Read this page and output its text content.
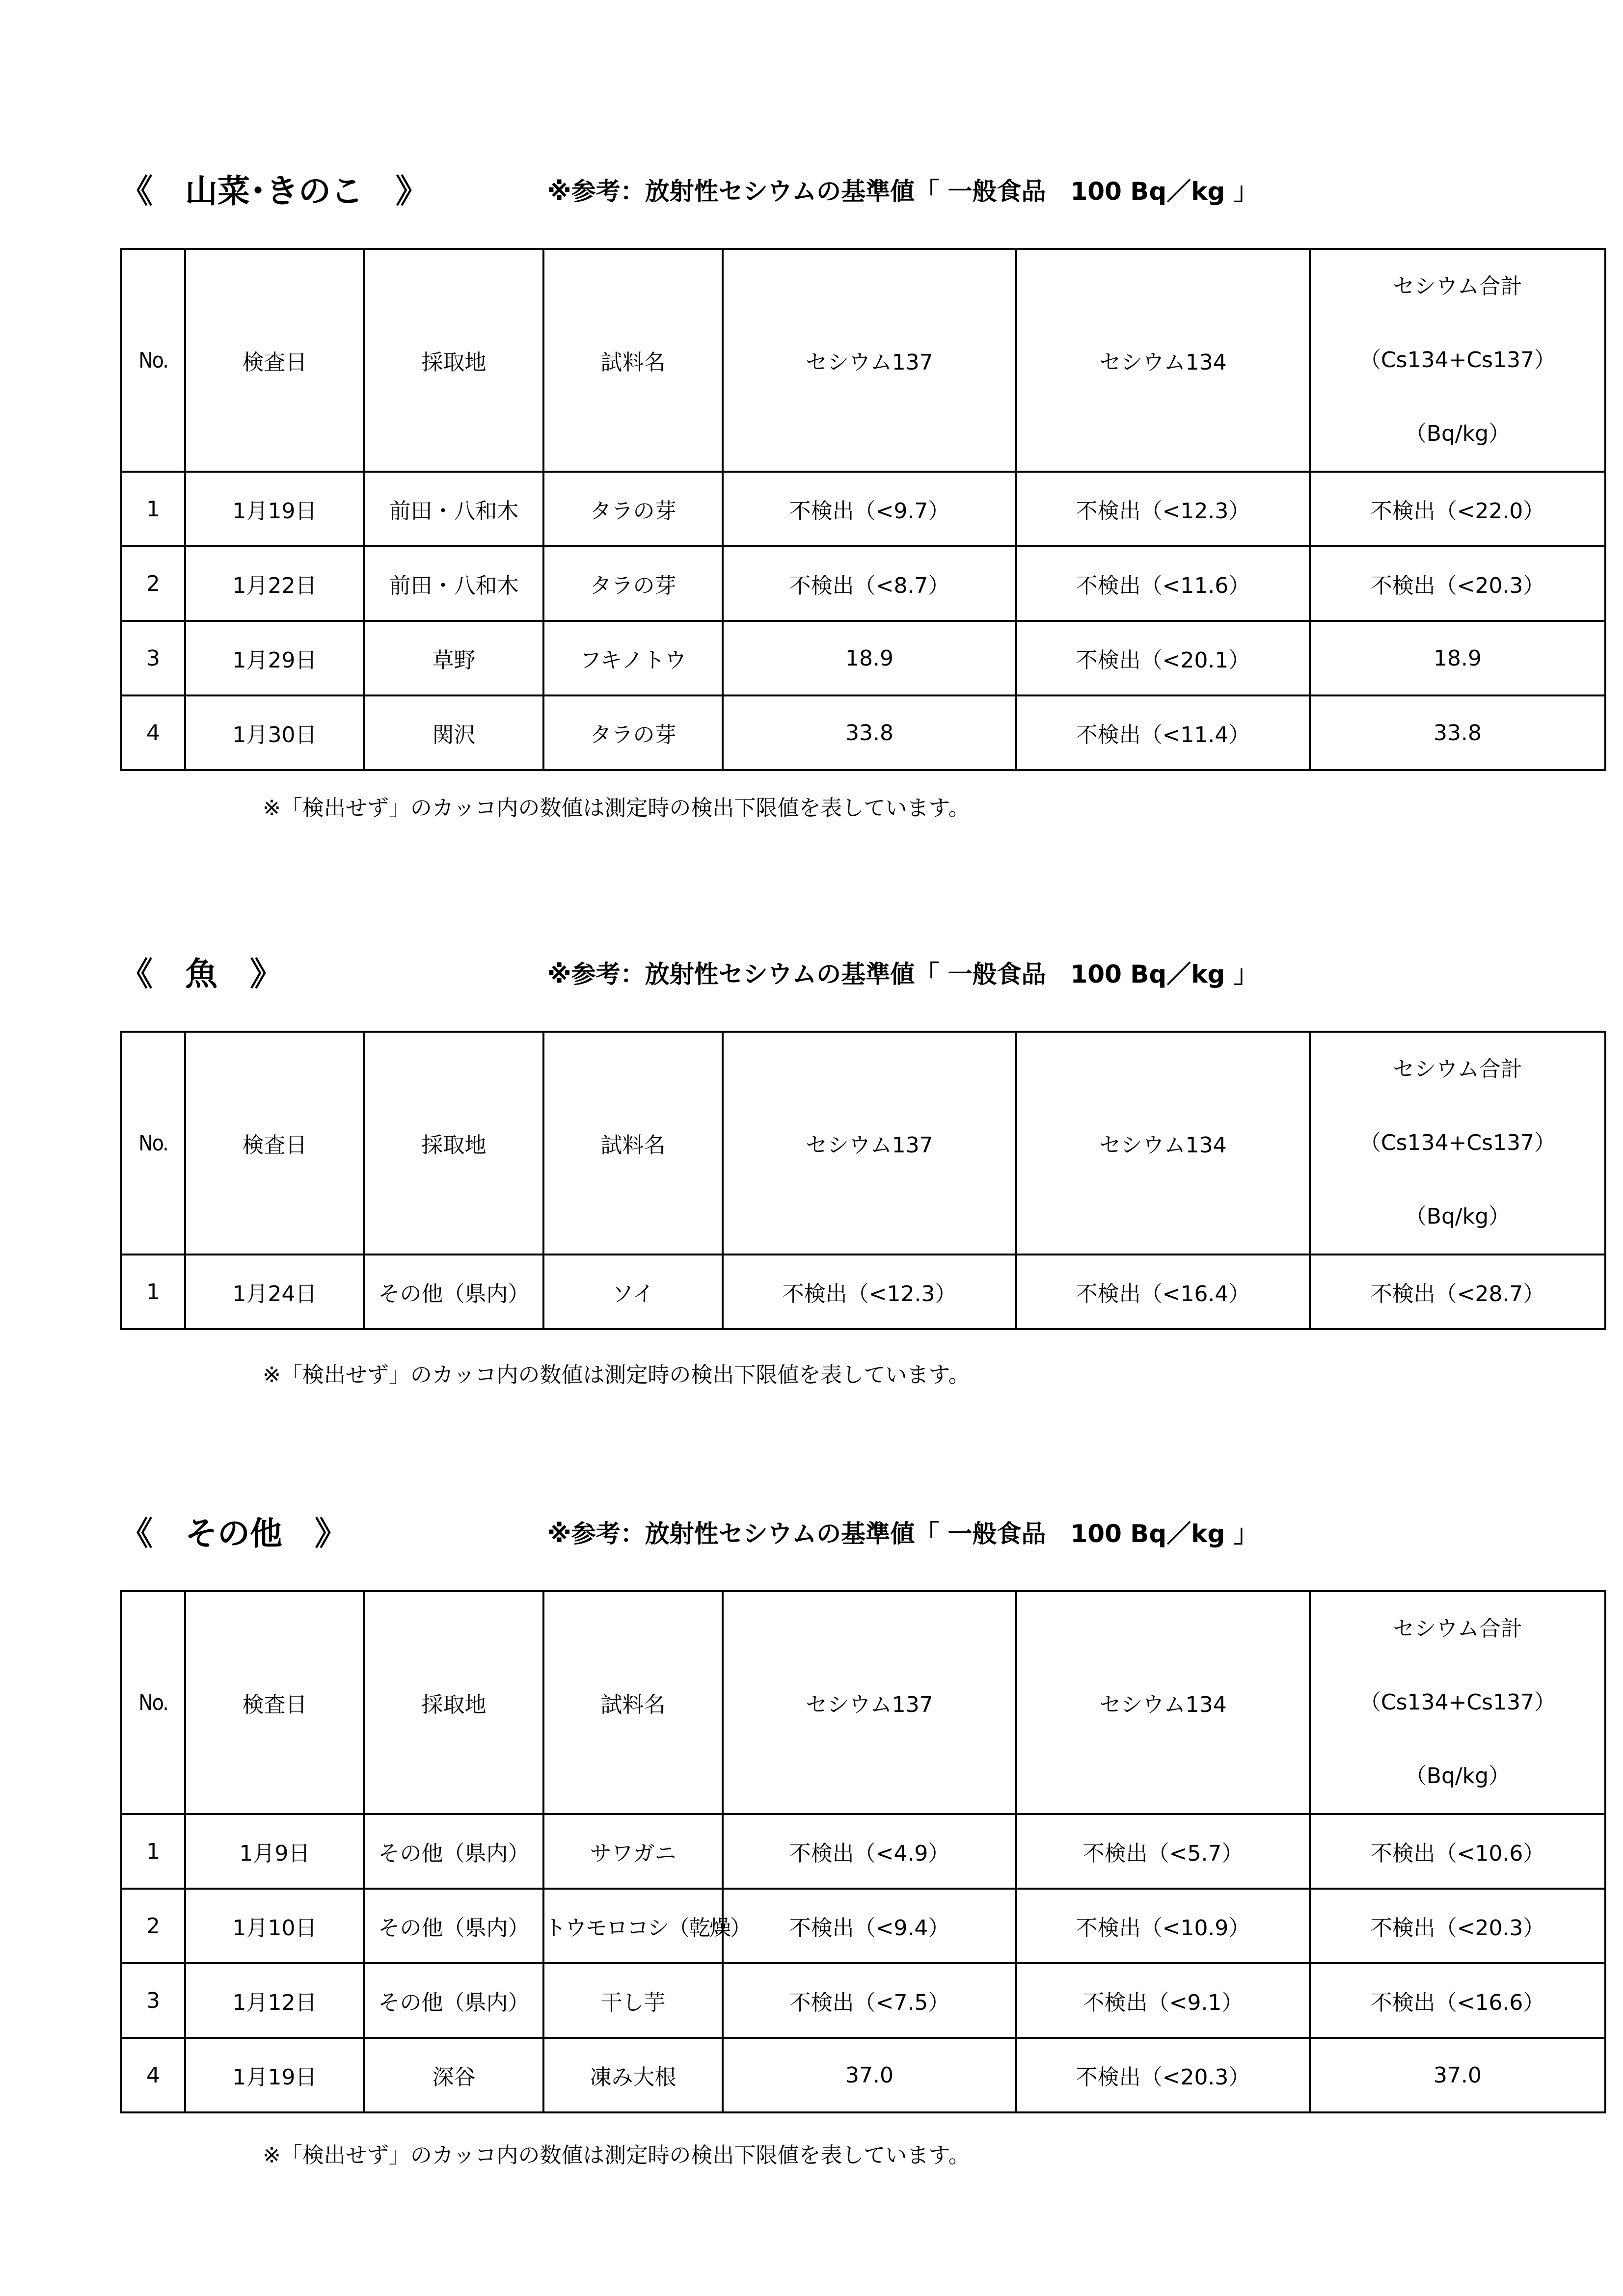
《　山菜･きのこ　》	※参考：放射性セシウムの基準値「 一般食品　100 Bq／kg 」
No.	検査日	採取地	試料名	セシウム137	セシウム134	セシウム合計
（Cs134+Cs137）
（Bq/kg）

1	1月19日	前田・八和木	タラの芽	不検出（<9.7）	不検出（<12.3）	不検出（<22.0）
2	1月22日	前田・八和木	タラの芽	不検出（<8.7）	不検出（<11.6）	不検出（<20.3）
3	1月29日	草野	フキノトウ	18.9	不検出（<20.1）	18.9
4	1月30日	関沢	タラの芽	33.8	不検出（<11.4）	33.8
※「検出せず」のカッコ内の数値は測定時の検出下限値を表しています。
《　魚　》	※参考：放射性セシウムの基準値「 一般食品　100 Bq／kg 」
No.	検査日	採取地	試料名	セシウム137	セシウム134	セシウム合計
（Cs134+Cs137）
（Bq/kg）

1	1月24日	その他（県内）	ソイ	不検出（<12.3）	不検出（<16.4）	不検出（<28.7）
※「検出せず」のカッコ内の数値は測定時の検出下限値を表しています。
《　その他　》	※参考：放射性セシウムの基準値「 一般食品　100 Bq／kg 」
No.	検査日	採取地	試料名	セシウム137	セシウム134	セシウム合計
（Cs134+Cs137）
（Bq/kg）

1	1月9日	その他（県内）	サワガニ	不検出（<4.9）	不検出（<5.7）	不検出（<10.6）
2	1月10日	その他（県内）	トウモロコシ（乾燥）	不検出（<9.4）	不検出（<10.9）	不検出（<20.3）
3	1月12日	その他（県内）	干し芋	不検出（<7.5）	不検出（<9.1）	不検出（<16.6）
4	1月19日	深谷	凍み大根	37.0	不検出（<20.3）	37.0
※「検出せず」のカッコ内の数値は測定時の検出下限値を表しています。
